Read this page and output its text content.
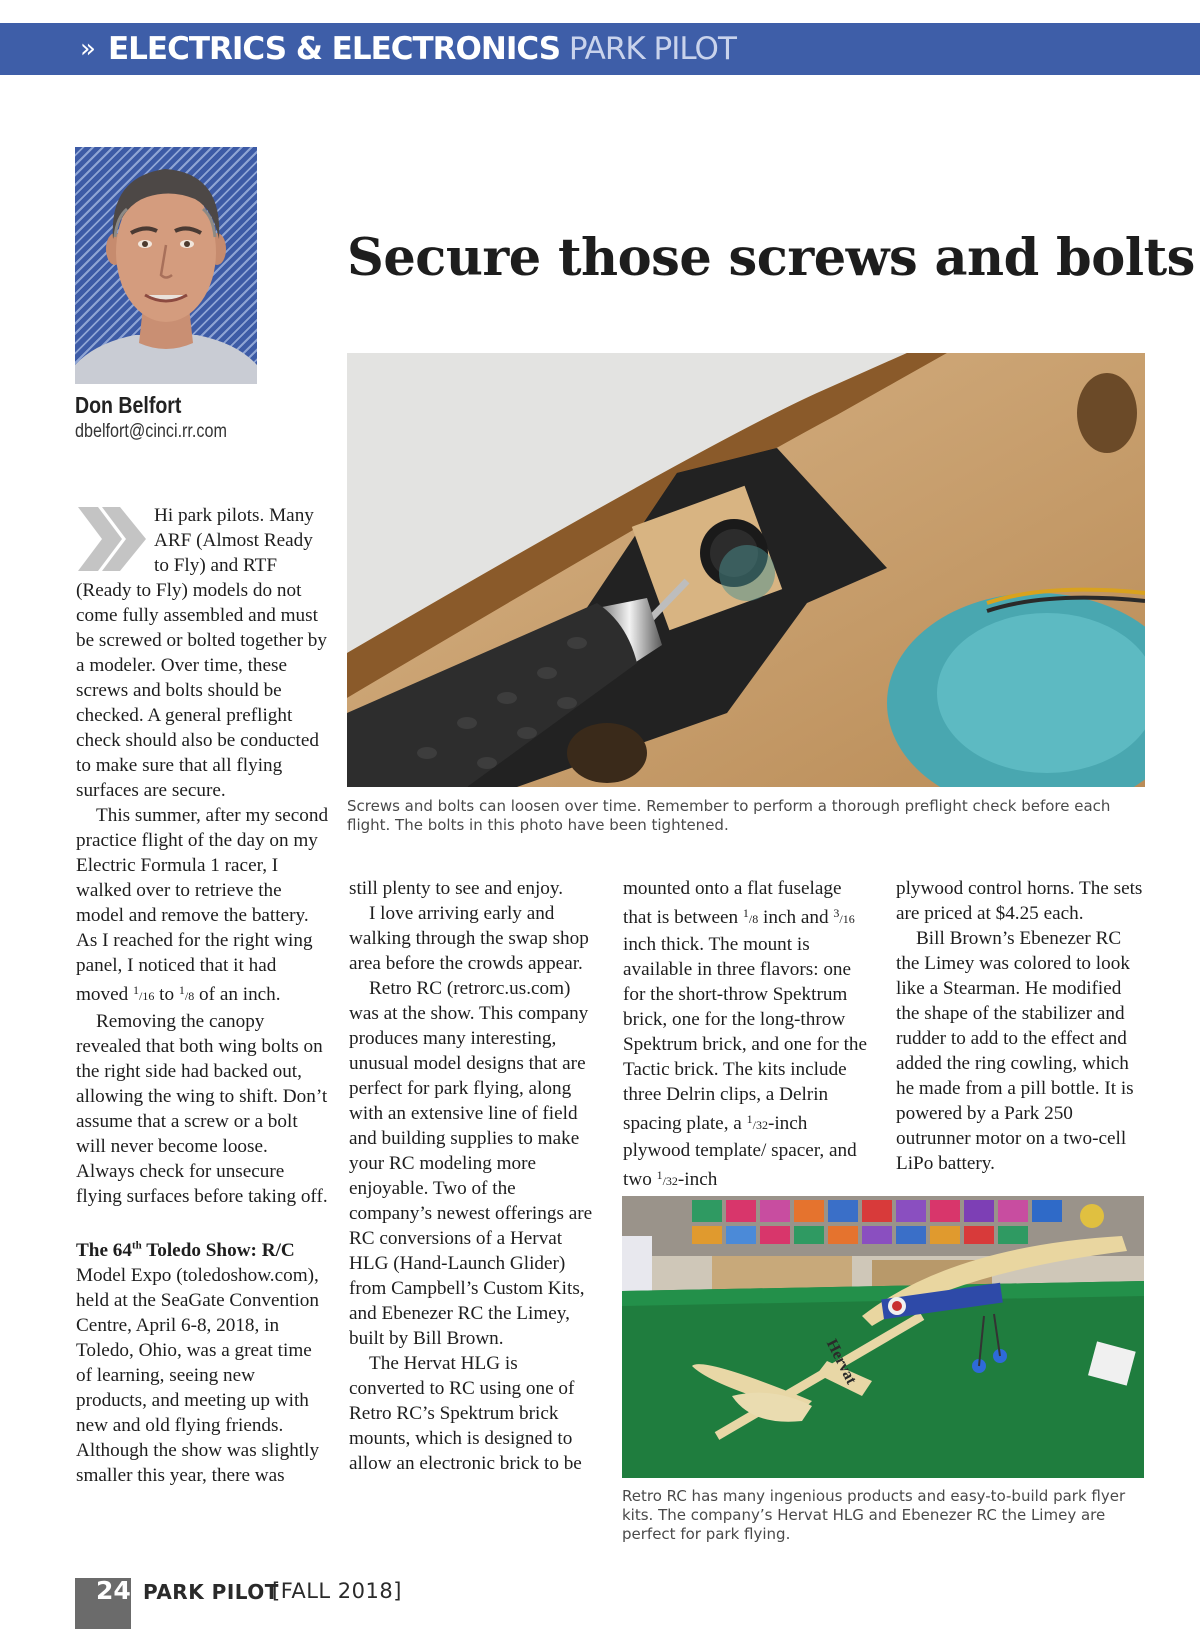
» ELECTRICS & ELECTRONICS PARK PILOT
Don Belfort
dbelfort@cinci.rr.com
Secure those screws and bolts
Screws and bolts can loosen over time. Remember to perform a thorough preflight check before each flight. The bolts in this photo have been tightened.

Hi park pilots. Many ARF (Almost Ready to Fly) and RTF (Ready to Fly) models do not come fully assembled and must be screwed or bolted together by a modeler. Over time, these screws and bolts should be checked. A general preflight check should also be conducted to make sure that all flying surfaces are secure.

This summer, after my second practice flight of the day on my Electric Formula 1 racer, I walked over to retrieve the model and remove the battery. As I reached for the right wing panel, I noticed that it had moved $^1$/16 to $^1$/8 of an inch.

Removing the canopy revealed that both wing bolts on the right side had backed out, allowing the wing to shift. Don’t assume that a screw or a bolt will never become loose. Always check for unsecure flying surfaces before taking off.

The 64th Toledo Show: R/C Model Expo (toledoshow.com), held at the SeaGate Convention Centre, April 6-8, 2018, in Toledo, Ohio, was a great time of learning, seeing new products, and meeting up with new and old flying friends. Although the show was slightly smaller this year, there was

still plenty to see and enjoy.

I love arriving early and walking through the swap shop area before the crowds appear.

Retro RC (retrorc.us.com) was at the show. This company produces many interesting, unusual model designs that are perfect for park flying, along with an extensive line of field and building supplies to make your RC modeling more enjoyable. Two of the company’s newest offerings are RC conversions of a Hervat HLG (Hand-Launch Glider) from Campbell’s Custom Kits, and Ebenezer RC the Limey, built by Bill Brown.

The Hervat HLG is converted to RC using one of Retro RC’s Spektrum brick mounts, which is designed to allow an electronic brick to be

mounted onto a flat fuselage that is between $^1$/8 inch and $^3$/16 inch thick. The mount is available in three flavors: one for the short-throw Spektrum brick, one for the long-throw Spektrum brick, and one for the Tactic brick. The kits include three Delrin clips, a Delrin spacing plate, a $^1$/32-inch plywood template/ spacer, and two $^1$/32-inch

plywood control horns. The sets are priced at $4.25 each.

Bill Brown’s Ebenezer RC the Limey was colored to look like a Stearman. He modified the shape of the stabilizer and rudder to add to the effect and added the ring cowling, which he made from a pill bottle. It is powered by a Park 250 outrunner motor on a two-cell LiPo battery.

Hervat
Retro RC has many ingenious products and easy-to-build park flyer kits. The company’s Hervat HLG and Ebenezer RC the Limey are perfect for park flying.
24 PARK PILOT
[FALL 2018]
